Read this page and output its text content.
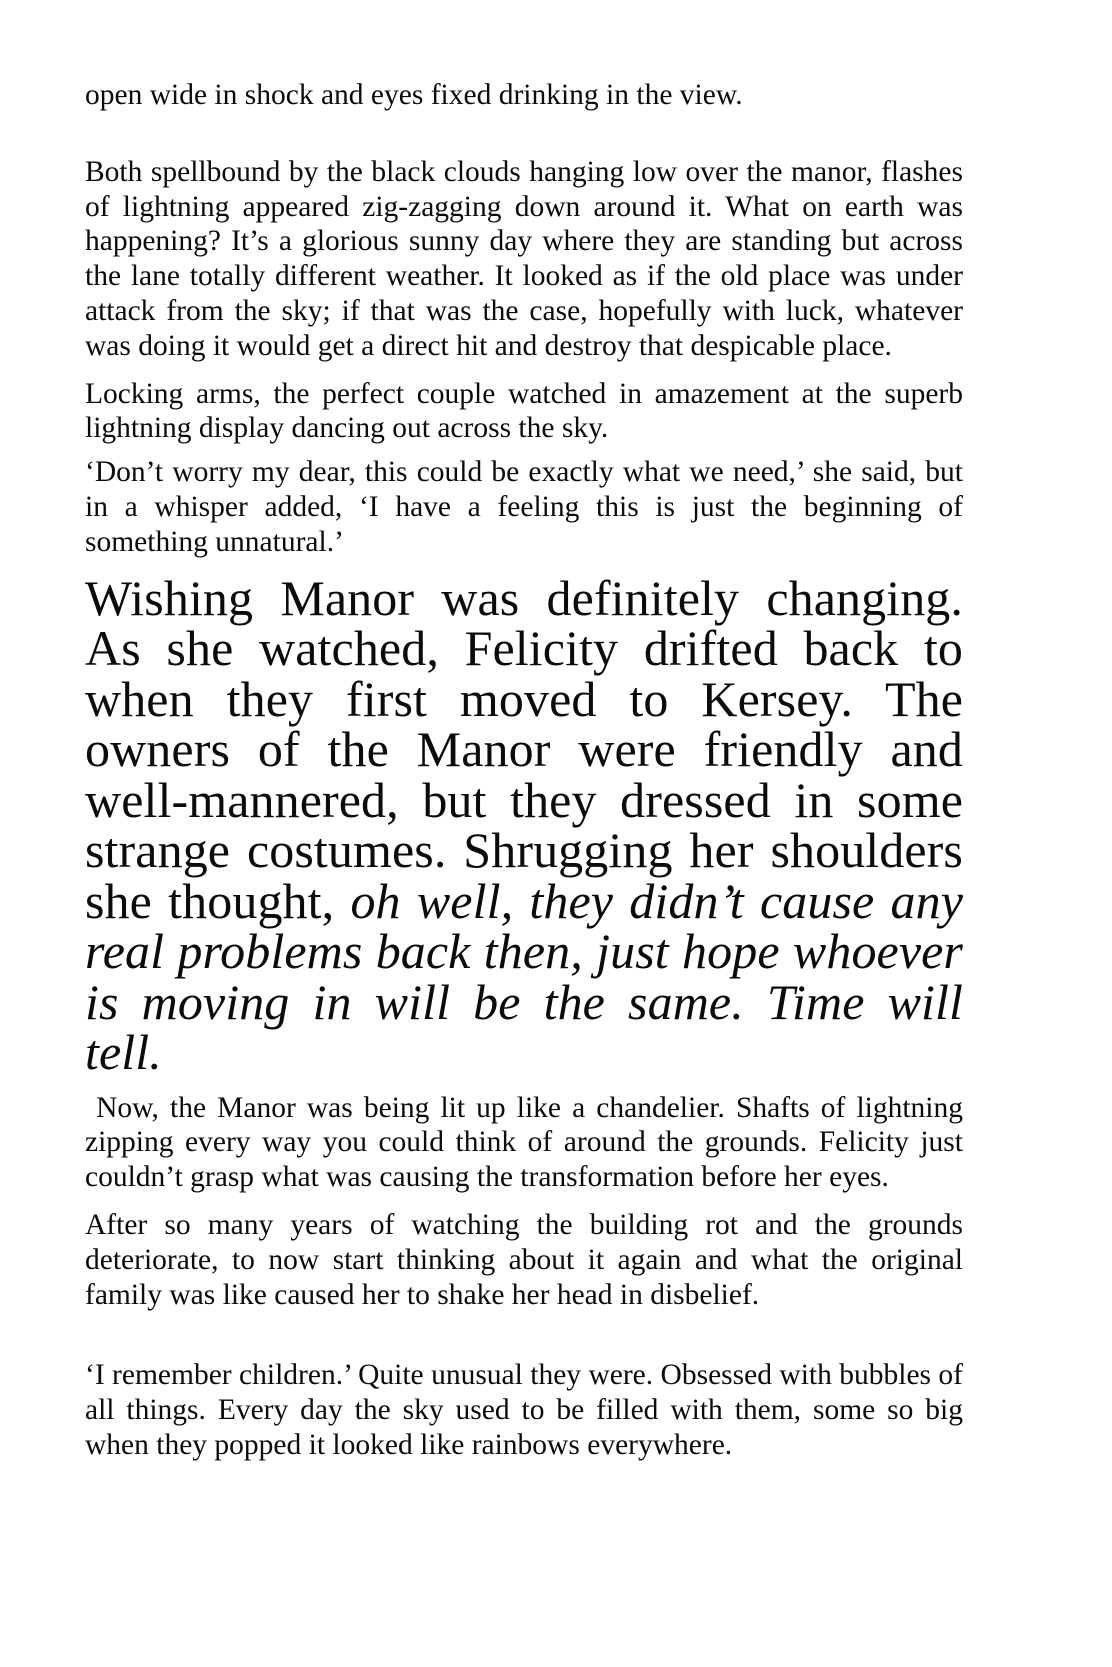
open wide in shock and eyes fixed drinking in the view.

Both spellbound by the black clouds hanging low over the manor, flashes of lightning appeared zig-zagging down around it. What on earth was happening? It’s a glorious sunny day where they are standing but across the lane totally different weather. It looked as if the old place was under attack from the sky; if that was the case, hopefully with luck, whatever was doing it would get a direct hit and destroy that despicable place.

Locking arms, the perfect couple watched in amazement at the superb lightning display dancing out across the sky.

‘Don’t worry my dear, this could be exactly what we need,’ she said, but in a whisper added, ‘I have a feeling this is just the beginning of something unnatural.’

Wishing Manor was definitely changing. As she watched, Felicity drifted back to when they first moved to Kersey. The owners of the Manor were friendly and well-mannered, but they dressed in some strange costumes. Shrugging her shoulders she thought, oh well, they didn’t cause any real problems back then, just hope whoever is moving in will be the same. Time will tell.

Now, the Manor was being lit up like a chandelier. Shafts of lightning zipping every way you could think of around the grounds. Felicity just couldn’t grasp what was causing the transformation before her eyes.

After so many years of watching the building rot and the grounds deteriorate, to now start thinking about it again and what the original family was like caused her to shake her head in disbelief.

‘I remember children.’ Quite unusual they were. Obsessed with bubbles of all things. Every day the sky used to be filled with them, some so big when they popped it looked like rainbows everywhere.
